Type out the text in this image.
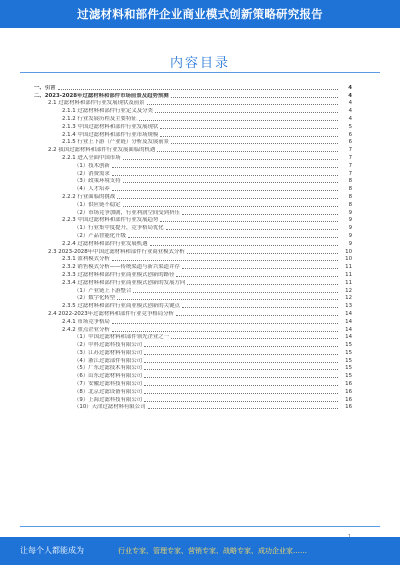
过滤材料和部件企业商业模式创新策略研究报告
内容目录
一、引言	4
二、2023-2028年过滤材料和部件市场前景及趋势预测	4
2.1 过滤材料和部件行业发展现状及前景	4
2.1.1 过滤材料和部件行业定义及分类	4
2.1.2 行业发展历程及主要特征	4
2.1.3 中国过滤材料和部件行业发展现状	5
2.1.4 中国过滤材料和部件行业市场规模	6
2.1.5 行业上下游（产业链）分析及发展前景	6
2.2 我国过滤材料和部件行业发展面临的机遇	7
2.2.1 进入全面中国市场	7
（1）技术创新	7
（2）消费需求	7
（3）政策环境支持	8
（4）人才培养	8
2.2.2 行业面临的挑战	8
（1）供应链不稳定	8
（2）市场竞争加剧，行业利润空间受到挤压	9
2.2.3 中国过滤材料和部件行业发展趋势	9
（1）行业集中度提升，竞争格局优化	9
（2）产品智能化升级	9
2.2.4 过滤材料和部件行业发展机遇	9
2.3 2023-2028年中国过滤材料和部件行业商业模式分析	10
2.3.1 盈利模式分析	10
2.3.2 销售模式分析——传统渠道与新兴渠道并存	11
2.3.3 过滤材料和部件行业商业模式创新的路径	11
2.3.4 过滤材料和部件行业商业模式创新的发展方向	11
（1）产业链上下游整合	12
（2）数字化转型	12
2.3.5 过滤材料和部件行业商业模式创新的关键点	13
2.4 2022-2023年过滤材料和部件行业竞争格局分析	14
2.4.1 市场竞争格局	14
2.4.2 重点企业分析	14
（1）中国过滤材料和部件领先企业之一	14
（2）中科过滤科技有限公司	15
（3）江苏过滤材料有限公司	15
（4）浙江过滤部件有限公司	15
（5）广东过滤技术有限公司	15
（6）山东过滤材料有限公司	15
（7）安徽过滤科技有限公司	16
（8）北京过滤设备有限公司	16
（9）上海过滤科技有限公司	16
（10）天津过滤材料有限公司	16
让每个人都能成为	行业专家、管理专家、营销专家、战略专家、成功企业家……
